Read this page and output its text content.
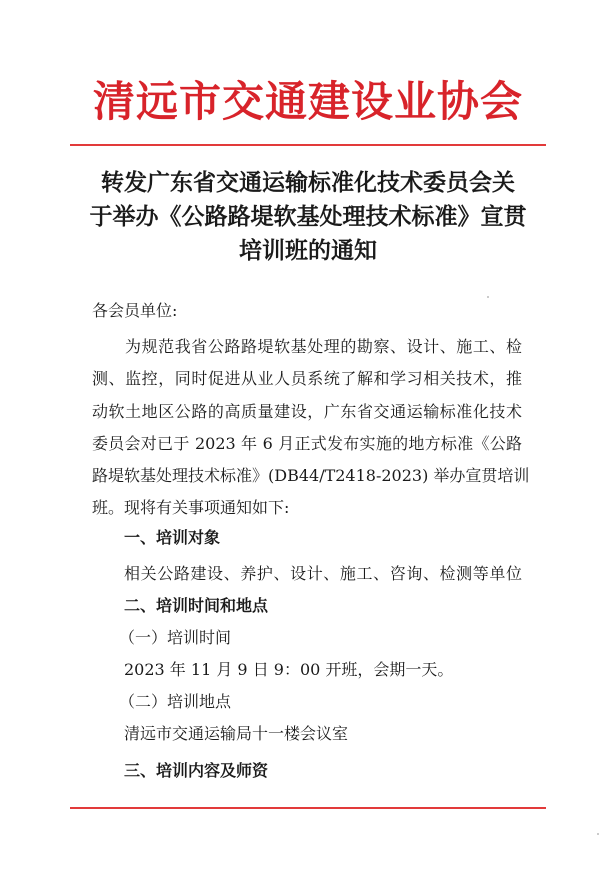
清远市交通建设业协会
转发广东省交通运输标准化技术委员会关
于举办《公路路堤软基处理技术标准》宣贯
培训班的通知
各会员单位:
为规范我省公路路堤软基处理的勘察、设计、施工、检
测、监控，同时促进从业人员系统了解和学习相关技术，推
动软土地区公路的高质量建设，广东省交通运输标准化技术
委员会对已于 2023 年 6 月正式发布实施的地方标准《公路
路堤软基处理技术标准》(DB44/T2418-2023) 举办宣贯培训
班。现将有关事项通知如下:
一、培训对象
相关公路建设、养护、设计、施工、咨询、检测等单位
二、培训时间和地点
（一）培训时间
2023 年 11 月 9 日 9：00 开班，会期一天。
（二）培训地点
清远市交通运输局十一楼会议室
三、培训内容及师资
